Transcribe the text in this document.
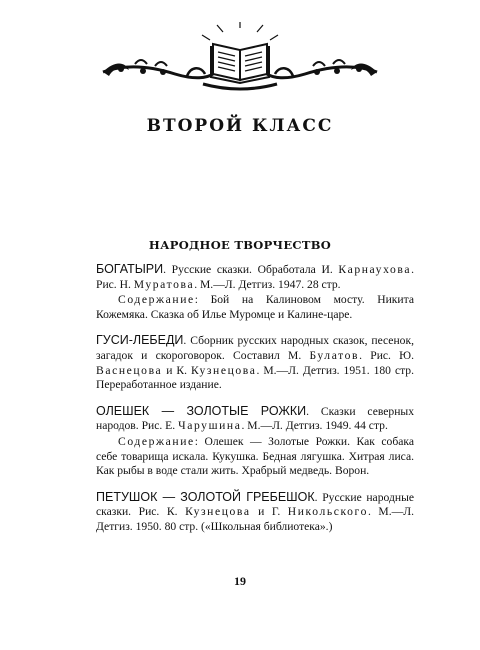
ВТОРОЙ КЛАСС
НАРОДНОЕ ТВОРЧЕСТВО

БОГАТЫРИ. Русские сказки. Обработала И. Карнаухова. Рис. Н. Муратова. М.—Л. Детгиз. 1947. 28 стр.

Содержание: Бой на Калиновом мосту. Никита Кожемяка. Сказка об Илье Муромце и Калине-царе.

ГУСИ-ЛЕБЕДИ. Сборник русских народных сказок, песенок, загадок и скороговорок. Составил М. Булатов. Рис. Ю. Васнецова и К. Кузнецова. М.—Л. Детгиз. 1951. 180 стр. Переработанное издание.

ОЛЕШЕК — ЗОЛОТЫЕ РОЖКИ. Сказки северных народов. Рис. Е. Чарушина. М.—Л. Детгиз. 1949. 44 стр.

Содержание: Олешек — Золотые Рожки. Как собака себе товарища искала. Кукушка. Бедная лягушка. Хитрая лиса. Как рыбы в воде стали жить. Храбрый медведь. Ворон.

ПЕТУШОК — ЗОЛОТОЙ ГРЕБЕШОК. Русские народные сказки. Рис. К. Кузнецова и Г. Никольского. М.—Л. Детгиз. 1950. 80 стр. («Школьная библиотека».)

19
